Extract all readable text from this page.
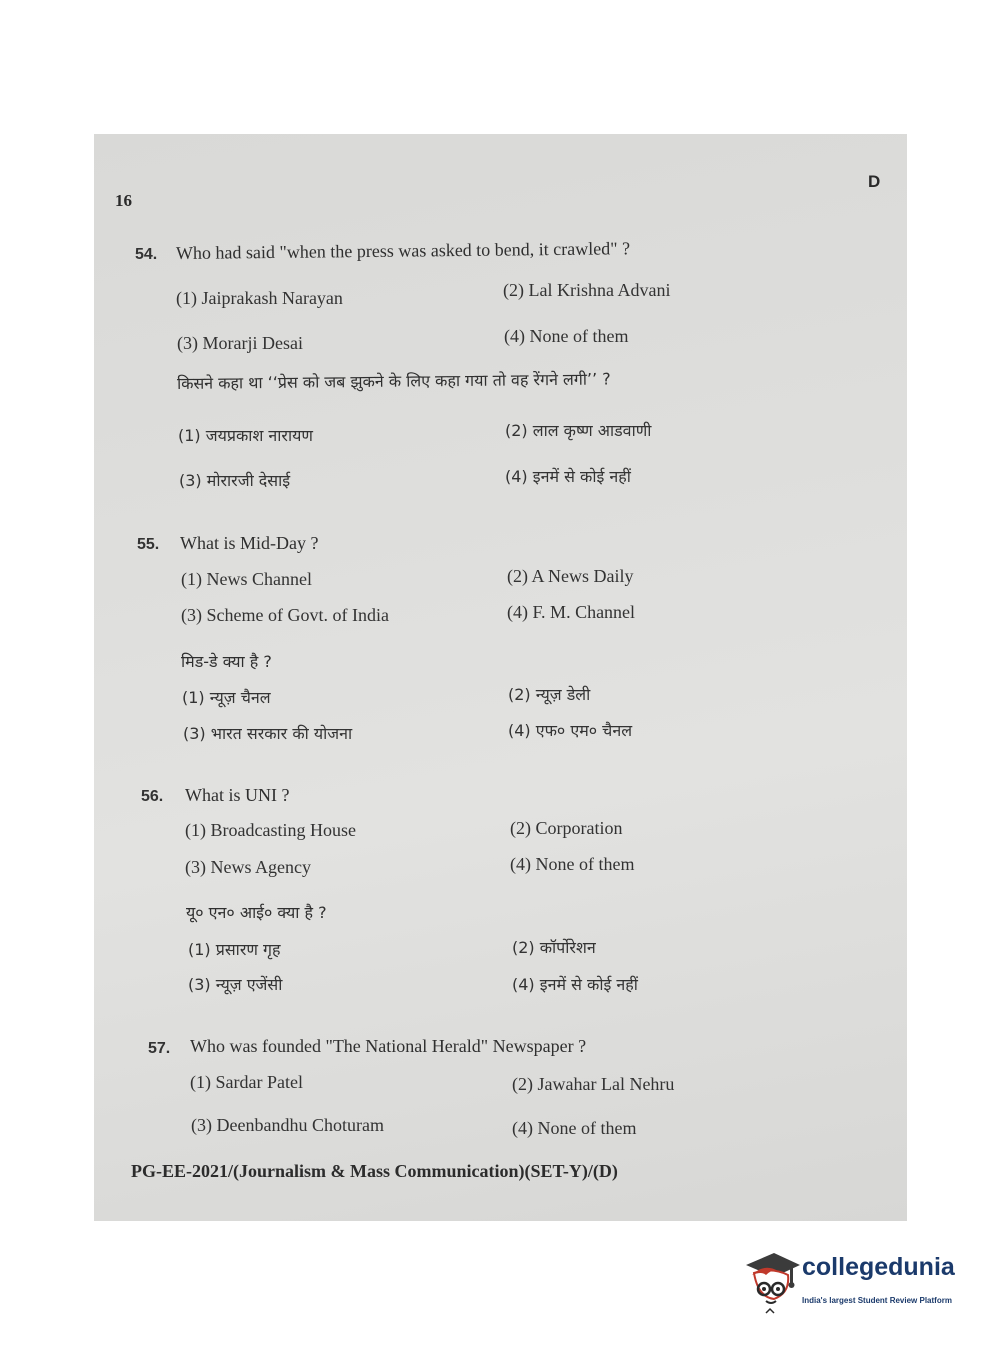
16
D
54. Who had said "when the press was asked to bend, it crawled" ?
(1) Jaiprakash Narayan	(2) Lal Krishna Advani
(3) Morarji Desai	(4) None of them
किसने कहा था ‘‘प्रेस को जब झुकने के लिए कहा गया तो वह रेंगने लगी’’ ?
(1) जयप्रकाश नारायण	(2) लाल कृष्ण आडवाणी
(3) मोरारजी देसाई	(4) इनमें से कोई नहीं
55. What is Mid-Day ?
(1) News Channel	(2) A News Daily
(3) Scheme of Govt. of India	(4) F. M. Channel
मिड-डे क्या है ?
(1) न्यूज़ चैनल	(2) न्यूज़ डेली
(3) भारत सरकार की योजना	(4) एफ० एम० चैनल
56. What is UNI ?
(1) Broadcasting House	(2) Corporation
(3) News Agency	(4) None of them
यू० एन० आई० क्या है ?
(1) प्रसारण गृह	(2) कॉर्पोरेशन
(3) न्यूज़ एजेंसी	(4) इनमें से कोई नहीं
57. Who was founded "The National Herald" Newspaper ?
(1) Sardar Patel	(2) Jawahar Lal Nehru
(3) Deenbandhu Choturam	(4) None of them
PG-EE-2021/(Journalism & Mass Communication)(SET-Y)/(D)
collegedunia
India's largest Student Review Platform
